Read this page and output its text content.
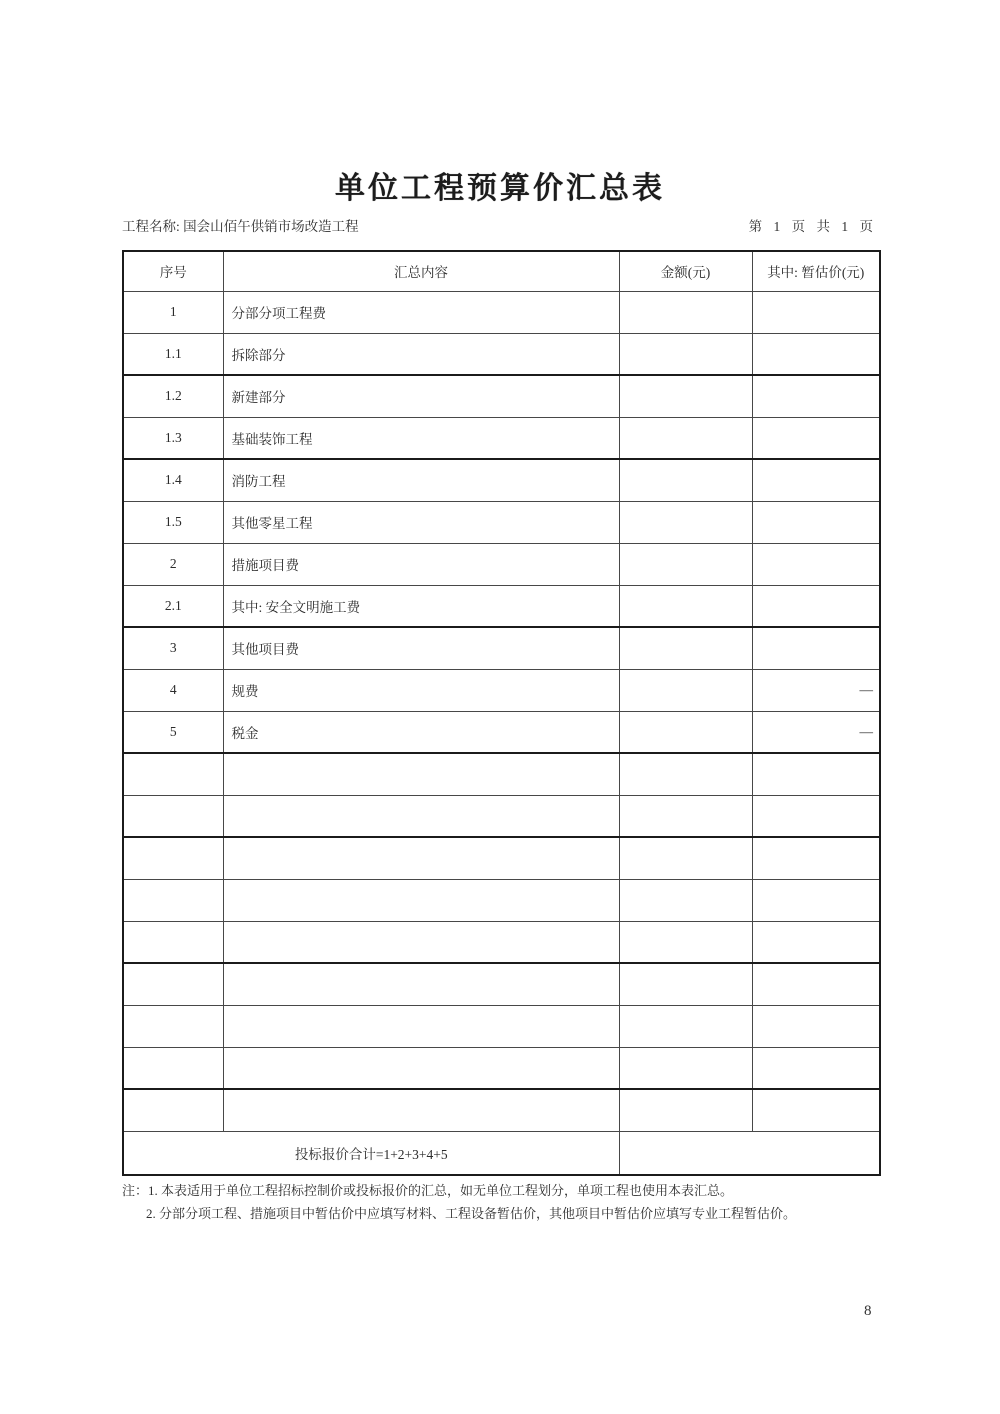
单位工程预算价汇总表
工程名称: 国会山佰午供销市场改造工程	第 1 页 共 1 页
序号	汇总内容	金额(元)	其中: 暂估价(元)
1	分部分项工程费		
1.1	拆除部分		
1.2	新建部分		
1.3	基础装饰工程		
1.4	消防工程		
1.5	其他零星工程		
2	措施项目费		
2.1	其中: 安全文明施工费		
3	其他项目费		
4	规费		—
5	税金		—

投标报价合计=1+2+3+4+5			
注：1. 本表适用于单位工程招标控制价或投标报价的汇总，如无单位工程划分，单项工程也使用本表汇总。
2. 分部分项工程、措施项目中暂估价中应填写材料、工程设备暂估价，其他项目中暂估价应填写专业工程暂估价。
8
